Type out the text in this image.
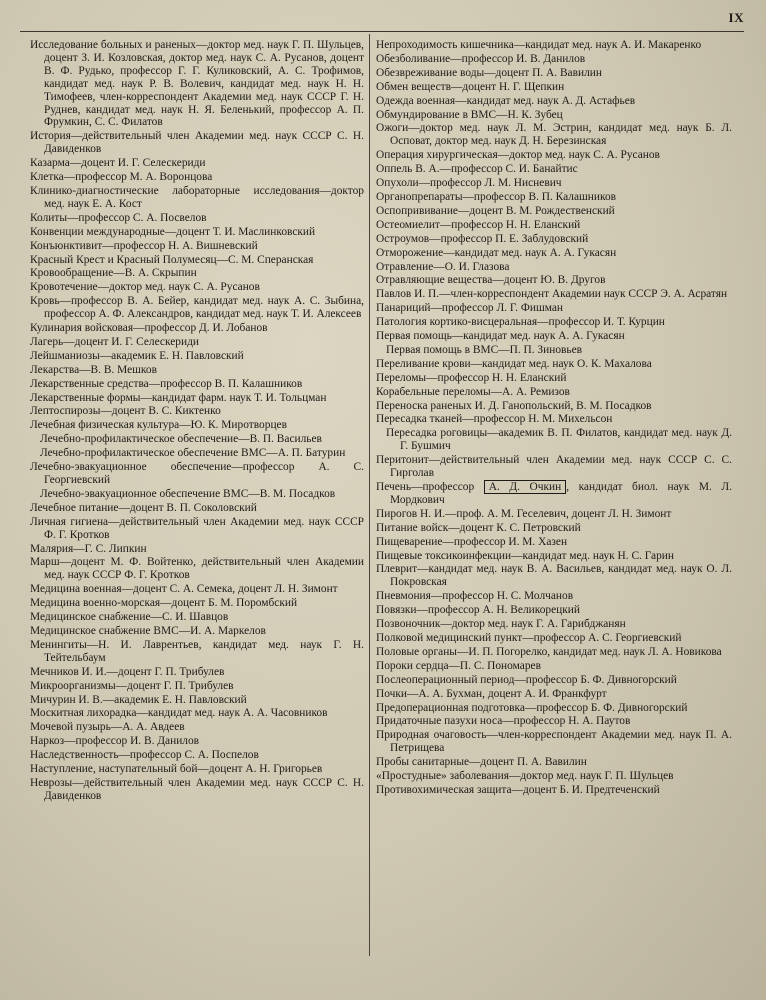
IX

Исследование больных и раненых—доктор мед. наук Г. П. Шульцев, доцент З. И. Козловская, доктор мед. наук С. А. Русанов, доцент В. Ф. Рудько, профессор Г. Г. Куликовский, А. С. Трофимов, кандидат мед. наук Р. В. Волевич, кандидат мед. наук Н. Н. Тимофеев, член-корреспондент Академии мед. наук СССР Г. Н. Руднев, кандидат мед. наук Н. Я. Беленький, профессор А. П. Фрумкин, С. С. Филатов

История—действительный член Академии мед. наук СССР С. Н. Давиденков

Казарма—доцент И. Г. Селескериди

Клетка—профессор М. А. Воронцова

Клинико-диагностические лабораторные исследования—доктор мед. наук Е. А. Кост

Колиты—профессор С. А. Посвелов

Конвенции международные—доцент Т. И. Маслинковский

Конъюнктивит—профессор Н. А. Вишневский

Красный Крест и Красный Полумесяц—С. М. Сперанская

Кровообращение—В. А. Скрыпин

Кровотечение—доктор мед. наук С. А. Русанов

Кровь—профессор В. А. Бейер, кандидат мед. наук А. С. Зыбина, профессор А. Ф. Александров, кандидат мед. наук Т. И. Алексеев

Кулинария войсковая—профессор Д. И. Лобанов

Лагерь—доцент И. Г. Селескериди

Лейшманиозы—академик Е. Н. Павловский

Лекарства—В. В. Мешков

Лекарственные средства—профессор В. П. Калашников

Лекарственные формы—кандидат фарм. наук Т. И. Тольцман

Лептоспирозы—доцент В. С. Киктенко

Лечебная физическая культура—Ю. К. Миротворцев

Лечебно-профилактическое обеспечение—В. П. Васильев

Лечебно-профилактическое обеспечение ВМС—А. П. Батурин

Лечебно-эвакуационное обеспечение—профессор А. С. Георгиевский

Лечебно-эвакуационное обеспечение ВМС—В. М. Посадков

Лечебное питание—доцент В. П. Соколовский

Личная гигиена—действительный член Академии мед. наук СССР Ф. Г. Кротков

Малярия—Г. С. Липкин

Марш—доцент М. Ф. Войтенко, действительный член Академии мед. наук СССР Ф. Г. Кротков

Медицина военная—доцент С. А. Семека, доцент Л. Н. Зимонт

Медицина военно-морская—доцент Б. М. Поромбский

Медицинское снабжение—С. И. Шавцов

Медицинское снабжение ВМС—И. А. Маркелов

Менингиты—Н. И. Лаврентьев, кандидат мед. наук Г. Н. Тейтельбаум

Мечников И. И.—доцент Г. П. Трибулев

Микроорганизмы—доцент Г. П. Трибулев

Мичурин И. В.—академик Е. Н. Павловский

Москитная лихорадка—кандидат мед. наук А. А. Часовников

Мочевой пузырь—А. А. Авдеев

Наркоз—профессор И. В. Данилов

Наследственность—профессор С. А. Поспелов

Наступление, наступательный бой—доцент А. Н. Григорьев

Неврозы—действительный член Академии мед. наук СССР С. Н. Давиденков

Непроходимость кишечника—кандидат мед. наук А. И. Макаренко

Обезболивание—профессор И. В. Данилов

Обезвреживание воды—доцент П. А. Вавилин

Обмен веществ—доцент Н. Г. Щепкин

Одежда военная—кандидат мед. наук А. Д. Астафьев

Обмундирование в ВМС—Н. К. Зубец

Ожоги—доктор мед. наук Л. М. Эстрин, кандидат мед. наук Б. Л. Осповат, доктор мед. наук Д. Н. Березинская

Операция хирургическая—доктор мед. наук С. А. Русанов

Оппель В. А.—профессор С. И. Банайтис

Опухоли—профессор Л. М. Нисневич

Органопрепараты—профессор В. П. Калашников

Оспопрививание—доцент В. М. Рождественский

Остеомиелит—профессор Н. Н. Еланский

Остроумов—профессор П. Е. Заблудовский

Отморожение—кандидат мед. наук А. А. Гукасян

Отравление—О. И. Глазова

Отравляющие вещества—доцент Ю. В. Другов

Павлов И. П.—член-корреспондент Академии наук СССР Э. А. Асратян

Панариций—профессор Л. Г. Фишман

Патология кортико-висцеральная—профессор И. Т. Курцин

Первая помощь—кандидат мед. наук А. А. Гукасян

Первая помощь в ВМС—П. П. Зиновьев

Переливание крови—кандидат мед. наук О. К. Махалова

Переломы—профессор Н. Н. Еланский

Корабельные переломы—А. А. Ремизов

Переноска раненых И. Д. Ганопольский, В. М. Посадков

Пересадка тканей—профессор Н. М. Михельсон

Пересадка роговицы—академик В. П. Филатов, кандидат мед. наук Д. Г. Бушмич

Перитонит—действительный член Академии мед. наук СССР С. С. Гирголав

Печень—профессор А. Д. Очкин , кандидат биол. наук М. Л. Мордкович

Пирогов Н. И.—проф. А. М. Геселевич, доцент Л. Н. Зимонт

Питание войск—доцент К. С. Петровский

Пищеварение—профессор И. М. Хазен

Пищевые токсикоинфекции—кандидат мед. наук Н. С. Гарин

Плеврит—кандидат мед. наук В. А. Васильев, кандидат мед. наук О. Л. Покровская

Пневмония—профессор Н. С. Молчанов

Повязки—профессор А. Н. Великорецкий

Позвоночник—доктор мед. наук Г. А. Гарибджанян

Полковой медицинский пункт—профессор А. С. Георгиевский

Половые органы—И. П. Погорелко, кандидат мед. наук Л. А. Новикова

Пороки сердца—П. С. Пономарев

Послеоперационный период—профессор Б. Ф. Дивногорский

Почки—А. А. Бухман, доцент А. И. Франкфурт

Предоперационная подготовка—профессор Б. Ф. Дивногорский

Придаточные пазухи носа—профессор Н. А. Паутов

Природная очаговость—член-корреспондент Академии мед. наук П. А. Петрищева

Пробы санитарные—доцент П. А. Вавилин

«Простудные» заболевания—доктор мед. наук Г. П. Шульцев

Противохимическая защита—доцент Б. И. Предтеченский
